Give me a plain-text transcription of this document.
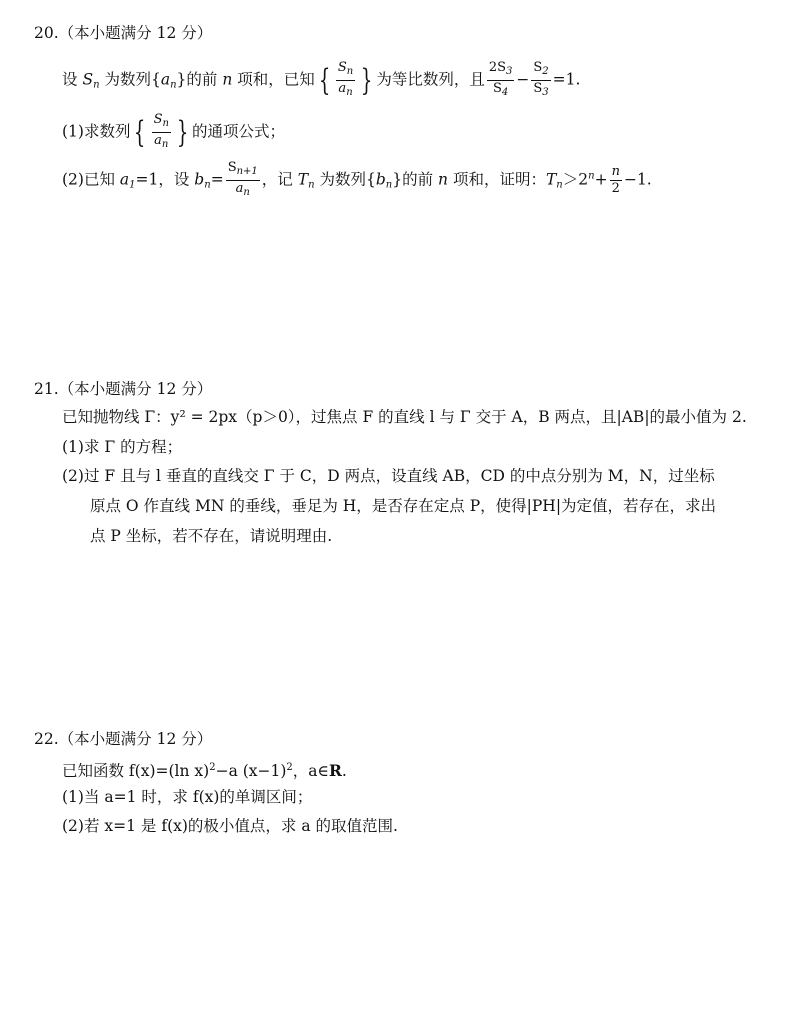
20.（本小题满分 12 分）
设 $S_n$ 为数列$\{a_n\}$的前 n 项和，已知 { $\frac{S_n}{a_n}$ } 为等比数列，且 $\frac{2S_3}{S_4} - \frac{S_2}{S_3} =1$.
(1)求数列 { $\frac{S_n}{a_n}$ } 的通项公式；
(2)已知 $a_1=1$，设 $b_n= \frac{S_{n+1}}{a_n}$ ，记 $T_n$ 为数列$\{b_n\}$的前 n 项和，证明：$T_n>2^n+ \frac{n}{2} -1$.
21.（本小题满分 12 分）
已知抛物线 Γ：y² = 2px（p＞0），过焦点 F 的直线 l 与 Γ 交于 A，B 两点，且|AB|的最小值为 2.
(1)求 Γ 的方程；
(2)过 F 且与 l 垂直的直线交 Γ 于 C，D 两点，设直线 AB，CD 的中点分别为 M，N，过坐标
原点 O 作直线 MN 的垂线，垂足为 H，是否存在定点 P，使得|PH|为定值，若存在，求出
点 P 坐标，若不存在，请说明理由.
22.（本小题满分 12 分）
已知函数 f(x)=(ln x)$^2$−a $(x-1)^2$，a∈R.
(1)当 a=1 时，求 f(x)的单调区间；
(2)若 x=1 是 f(x)的极小值点，求 a 的取值范围.
